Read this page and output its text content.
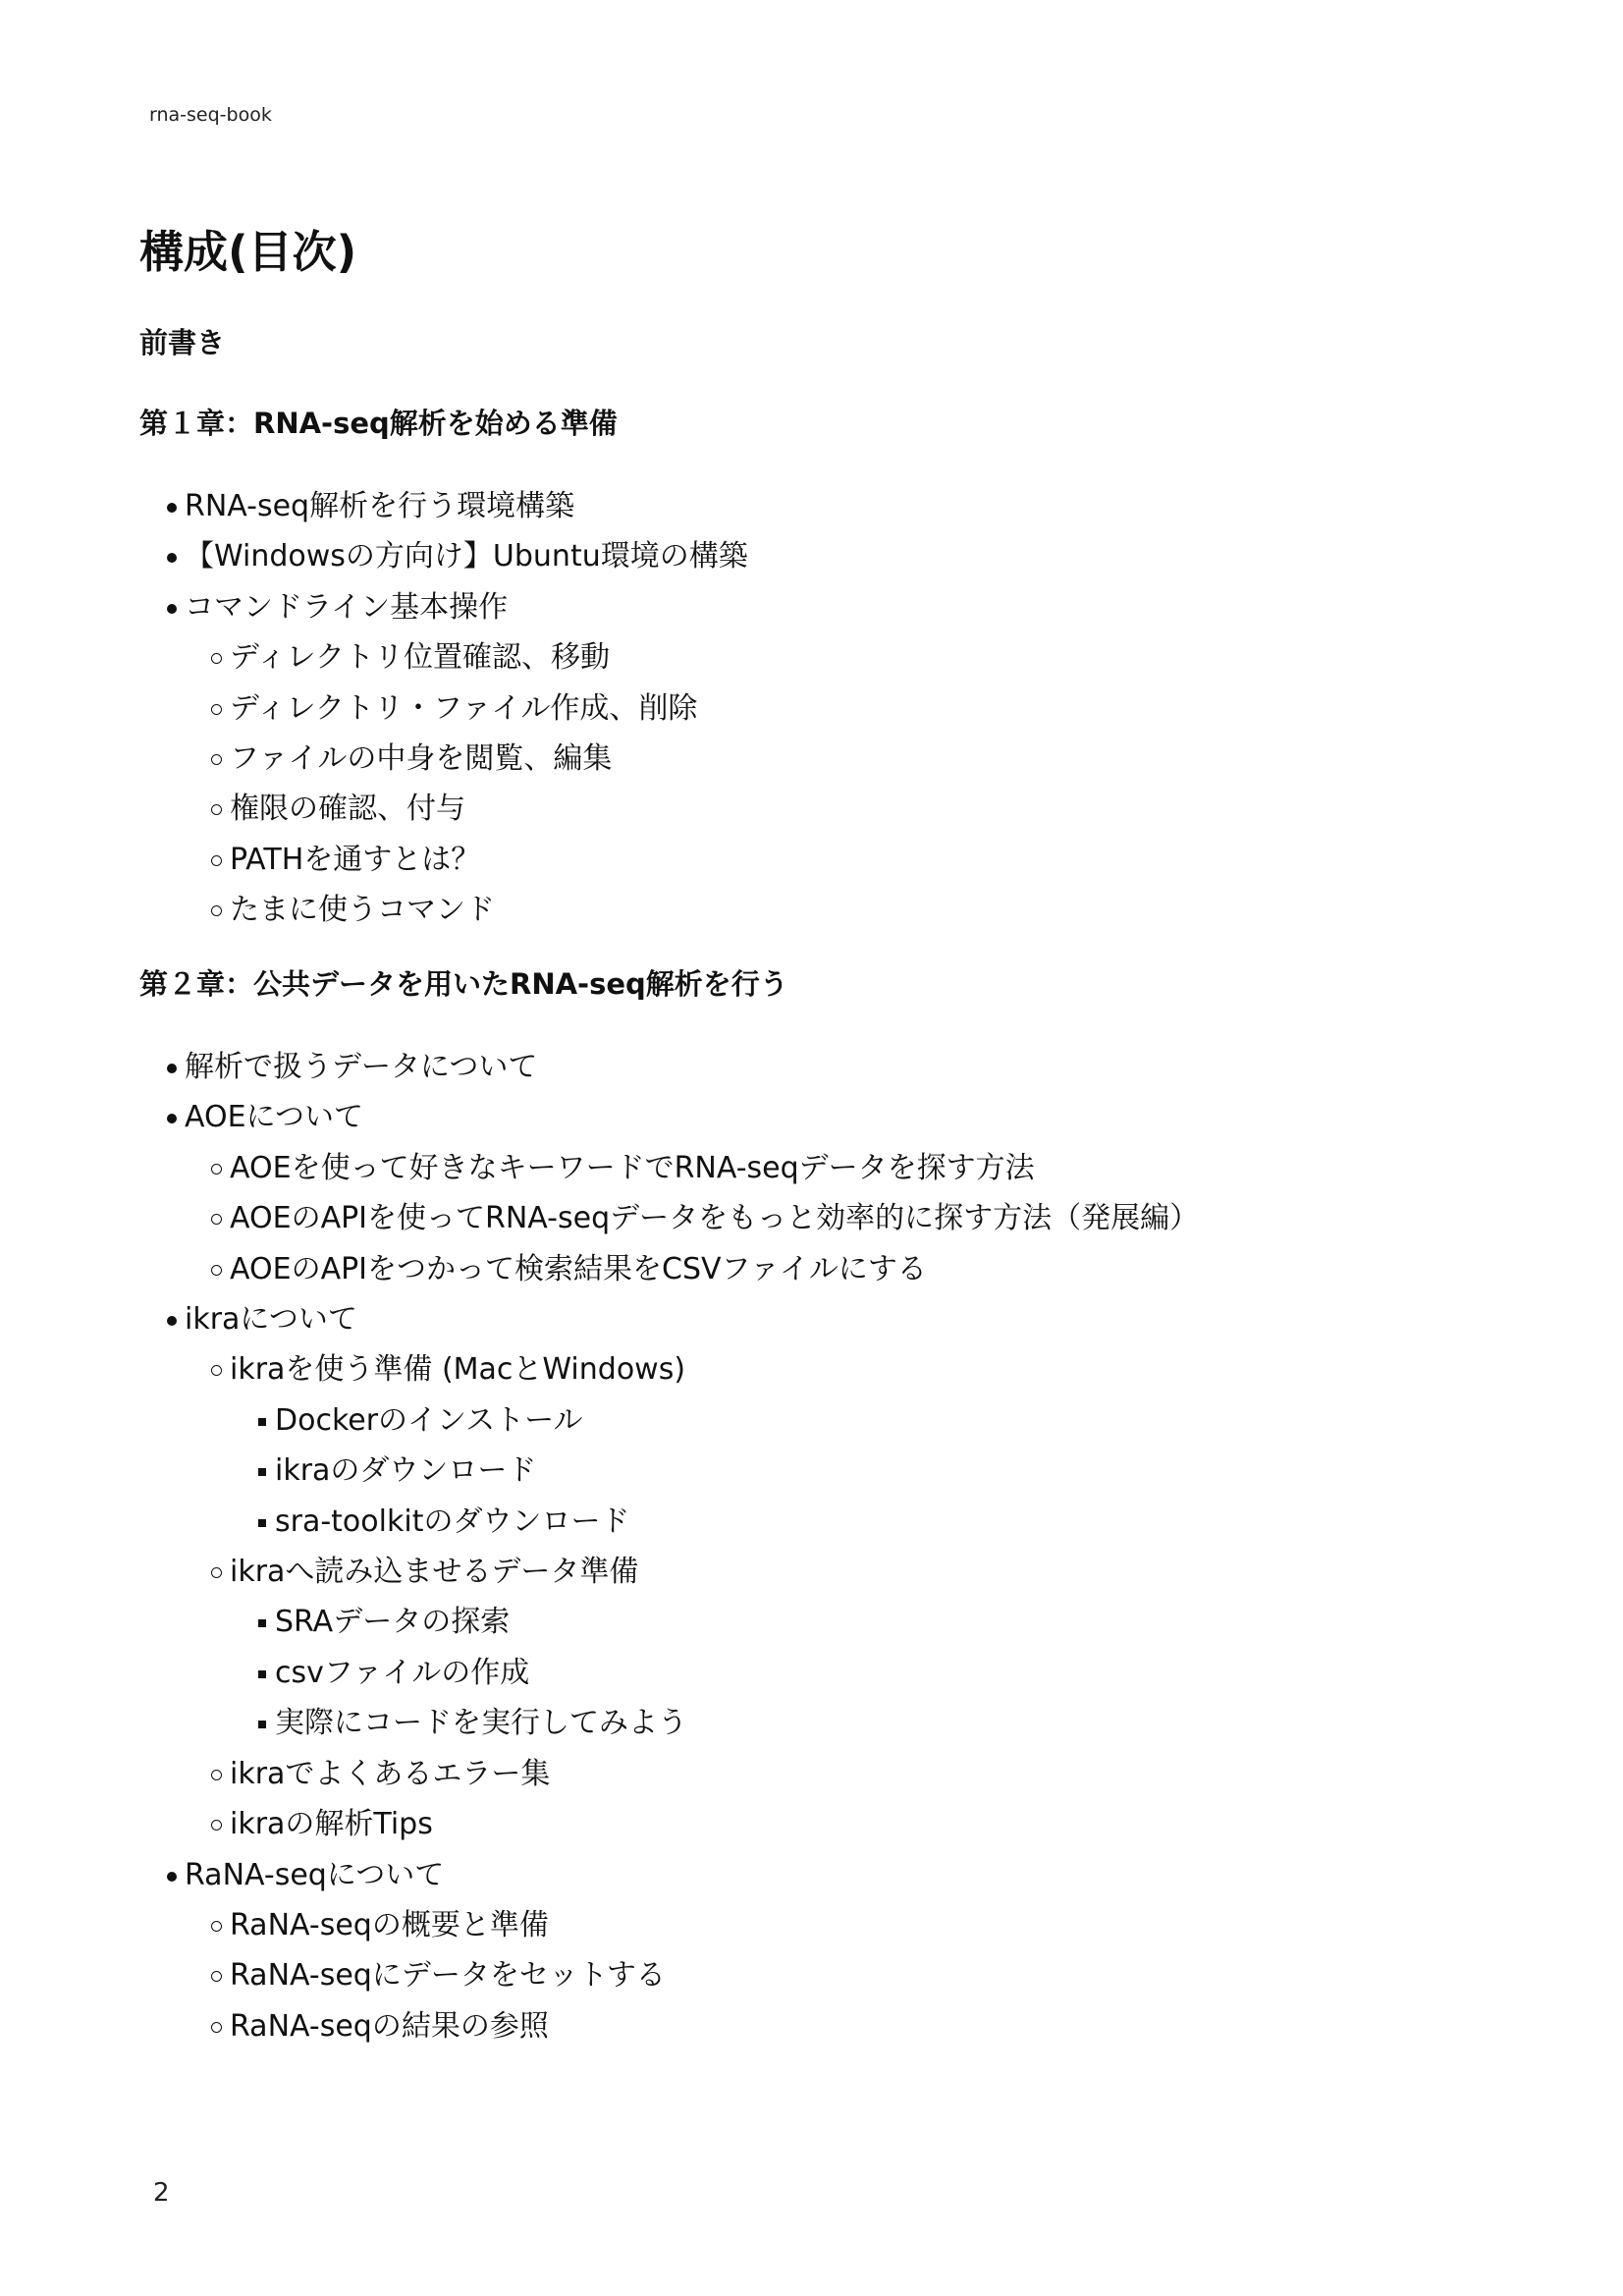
rna-seq-book
構成(目次)
前書き
第１章：RNA-seq解析を始める準備
RNA-seq解析を行う環境構築
【Windowsの方向け】Ubuntu環境の構築
コマンドライン基本操作
ディレクトリ位置確認、移動
ディレクトリ・ファイル作成、削除
ファイルの中身を閲覧、編集
権限の確認、付与
PATHを通すとは？
たまに使うコマンド
第２章：公共データを用いたRNA-seq解析を行う
解析で扱うデータについて
AOEについて
AOEを使って好きなキーワードでRNA-seqデータを探す方法
AOEのAPIを使ってRNA-seqデータをもっと効率的に探す方法（発展編）
AOEのAPIをつかって検索結果をCSVファイルにする
ikraについて
ikraを使う準備 (MacとWindows)
Dockerのインストール
ikraのダウンロード
sra-toolkitのダウンロード
ikraへ読み込ませるデータ準備
SRAデータの探索
csvファイルの作成
実際にコードを実行してみよう
ikraでよくあるエラー集
ikraの解析Tips
RaNA-seqについて
RaNA-seqの概要と準備
RaNA-seqにデータをセットする
RaNA-seqの結果の参照
2
